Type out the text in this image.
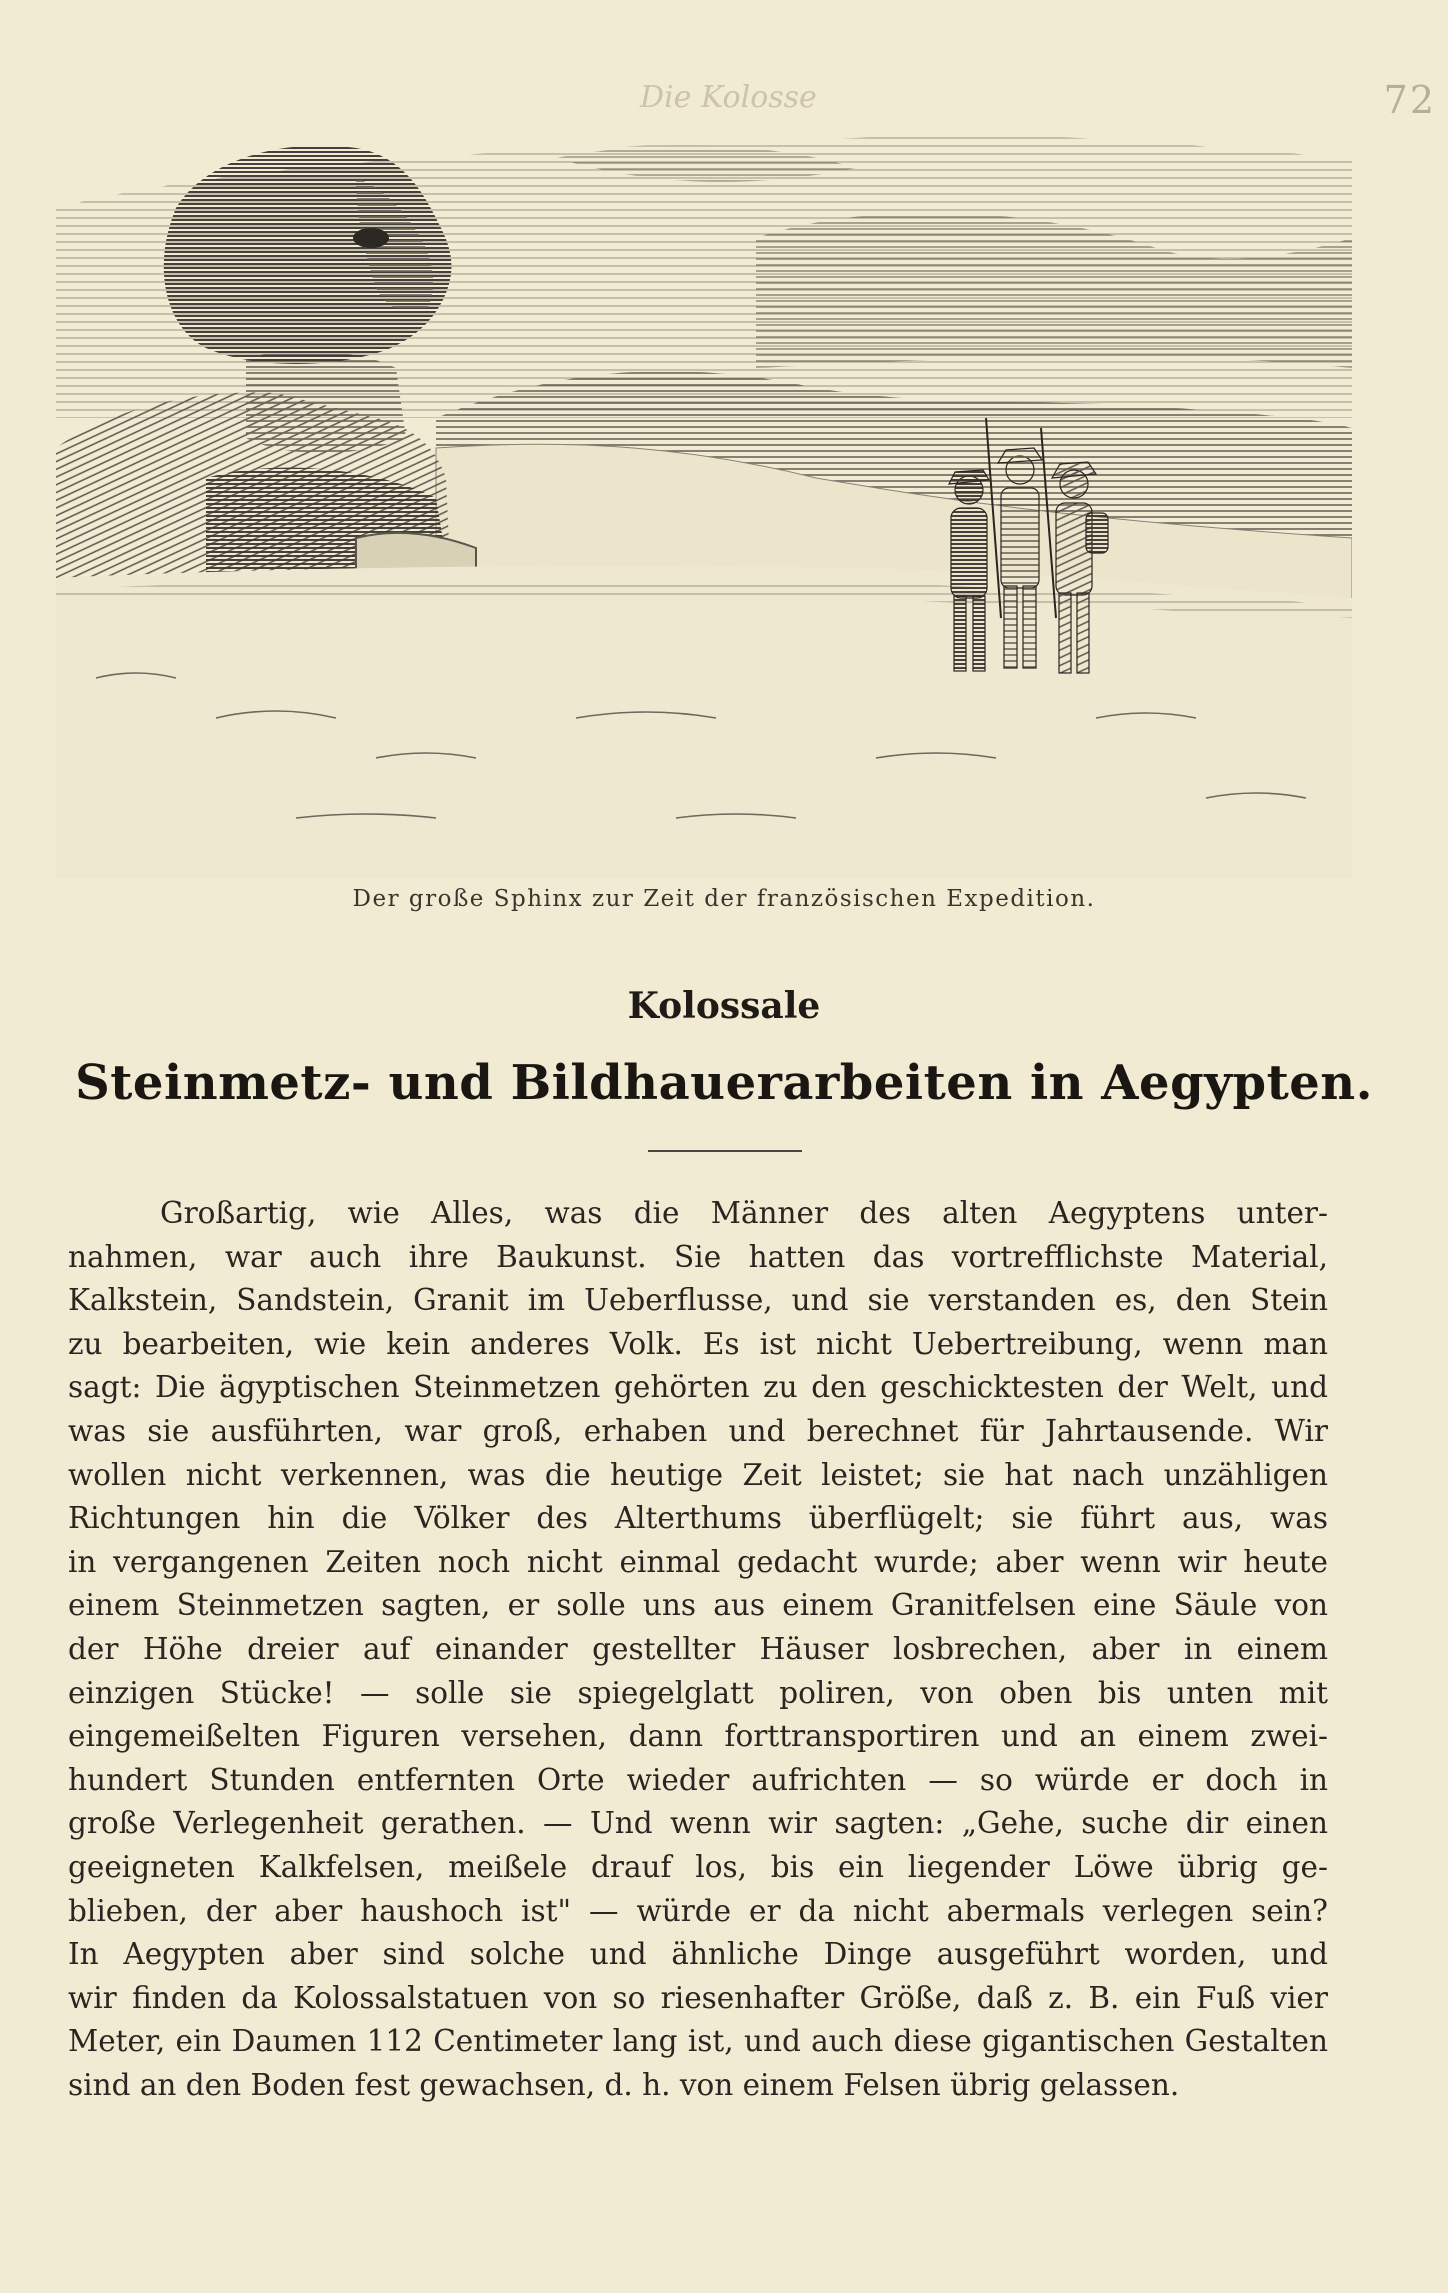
72
Die Kolosse
Der große Sphinx zur Zeit der französischen Expedition.
Kolossale
Steinmetz- und Bildhauerarbeiten in Aegypten.
Großartig, wie Alles, was die Männer des alten Aegyptens unter-
nahmen, war auch ihre Baukunst. Sie hatten das vortrefflichste Material,
Kalkstein, Sandstein, Granit im Ueberflusse, und sie verstanden es, den Stein
zu bearbeiten, wie kein anderes Volk. Es ist nicht Uebertreibung, wenn man
sagt: Die ägyptischen Steinmetzen gehörten zu den geschicktesten der Welt, und
was sie ausführten, war groß, erhaben und berechnet für Jahrtausende. Wir
wollen nicht verkennen, was die heutige Zeit leistet; sie hat nach unzähligen
Richtungen hin die Völker des Alterthums überflügelt; sie führt aus, was
in vergangenen Zeiten noch nicht einmal gedacht wurde; aber wenn wir heute
einem Steinmetzen sagten, er solle uns aus einem Granitfelsen eine Säule von
der Höhe dreier auf einander gestellter Häuser losbrechen, aber in einem
einzigen Stücke! — solle sie spiegelglatt poliren, von oben bis unten mit
eingemeißelten Figuren versehen, dann forttransportiren und an einem zwei-
hundert Stunden entfernten Orte wieder aufrichten — so würde er doch in
große Verlegenheit gerathen. — Und wenn wir sagten: „Gehe, suche dir einen
geeigneten Kalkfelsen, meißele drauf los, bis ein liegender Löwe übrig ge-
blieben, der aber haushoch ist" — würde er da nicht abermals verlegen sein?
In Aegypten aber sind solche und ähnliche Dinge ausgeführt worden, und
wir finden da Kolossalstatuen von so riesenhafter Größe, daß z. B. ein Fuß vier
Meter, ein Daumen 112 Centimeter lang ist, und auch diese gigantischen Gestalten
sind an den Boden fest gewachsen, d. h. von einem Felsen übrig gelassen.
